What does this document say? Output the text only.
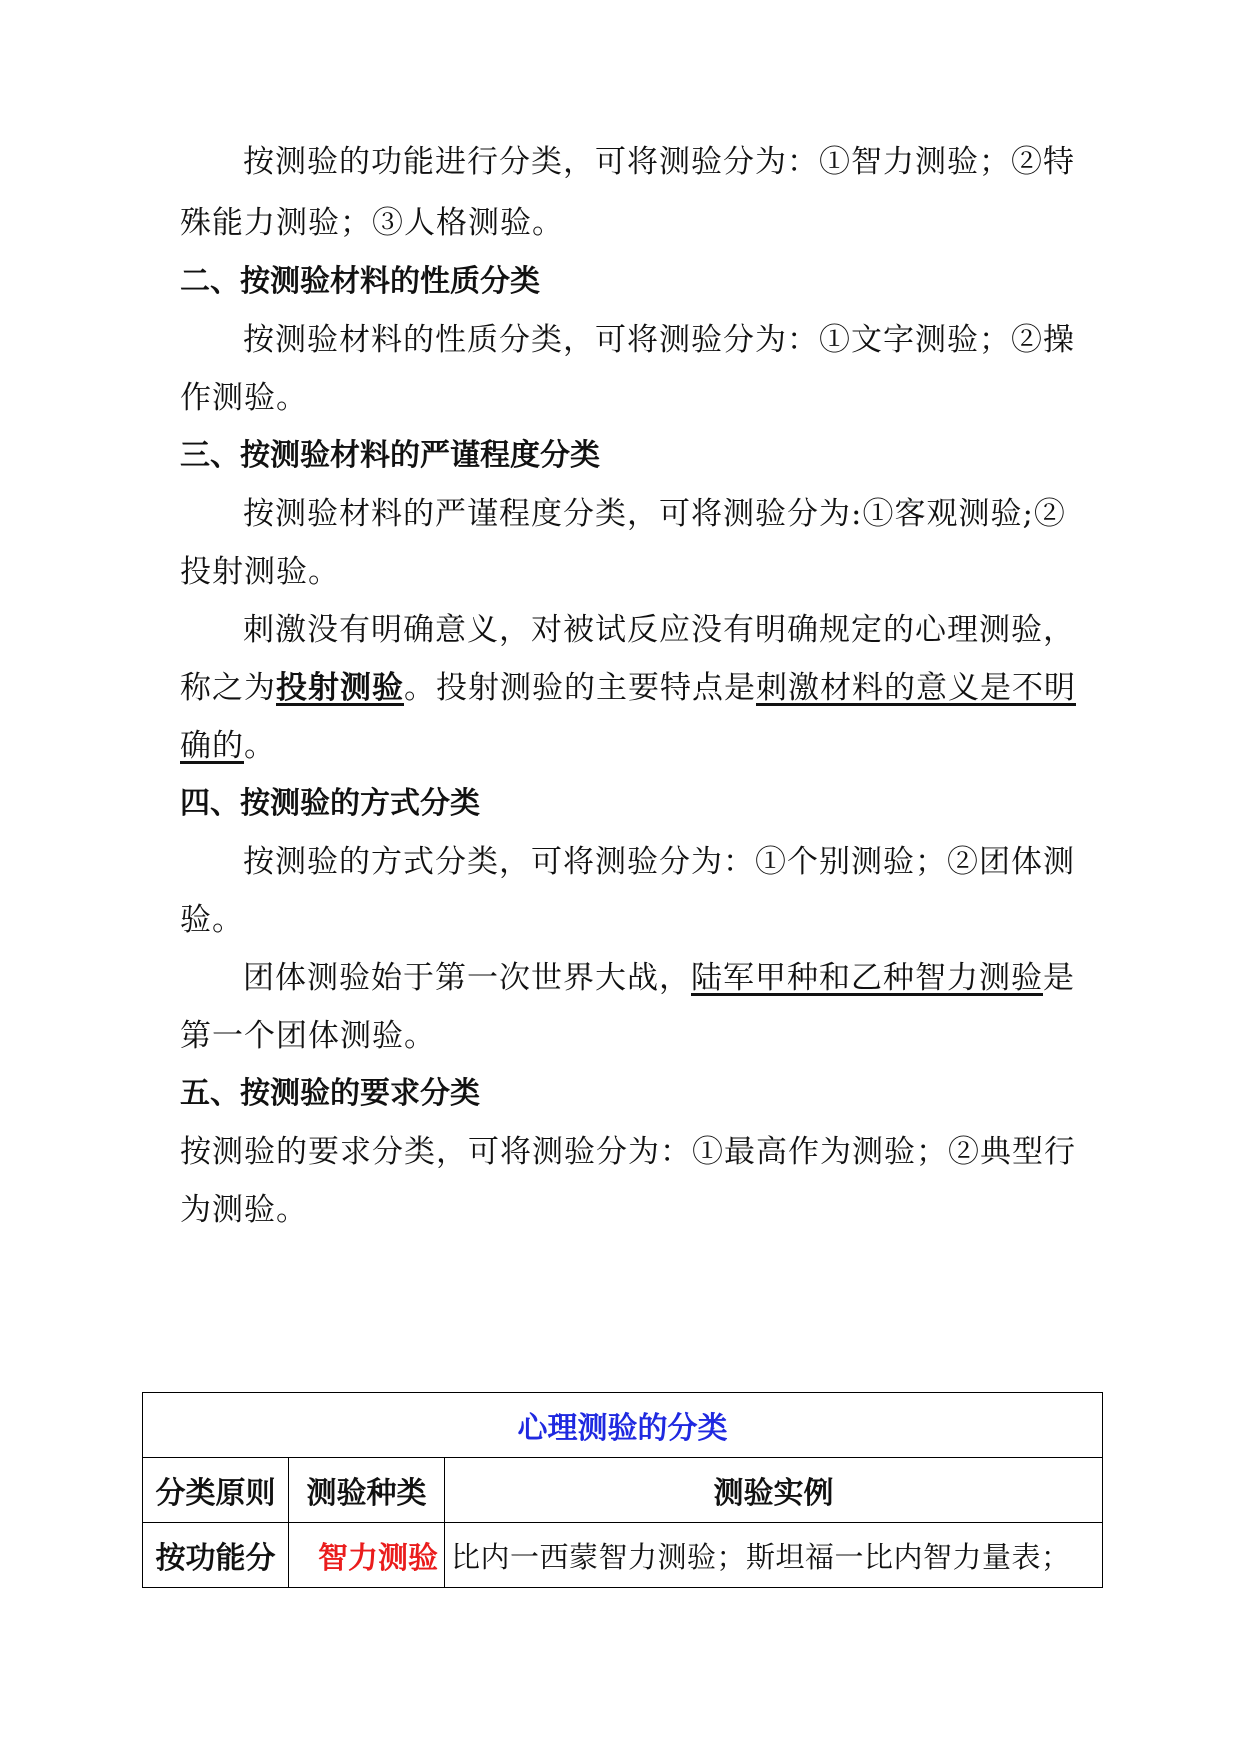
按测验的功能进行分类，可将测验分为：①智力测验；②特
殊能力测验；③人格测验。
二、按测验材料的性质分类
按测验材料的性质分类，可将测验分为：①文字测验；②操
作测验。
三、按测验材料的严谨程度分类
按测验材料的严谨程度分类，可将测验分为:①客观测验;②
投射测验。
刺激没有明确意义，对被试反应没有明确规定的心理测验，
称之为投射测验。投射测验的主要特点是刺激材料的意义是不明
确的。
四、按测验的方式分类
按测验的方式分类，可将测验分为：①个别测验；②团体测
验。
团体测验始于第一次世界大战，陆军甲种和乙种智力测验是
第一个团体测验。
五、按测验的要求分类
按测验的要求分类，可将测验分为：①最高作为测验；②典型行
为测验。
心理测验的分类		
分类原则	测验种类	测验实例
按功能分	智力测验	比内一西蒙智力测验；斯坦福一比内智力量表；
